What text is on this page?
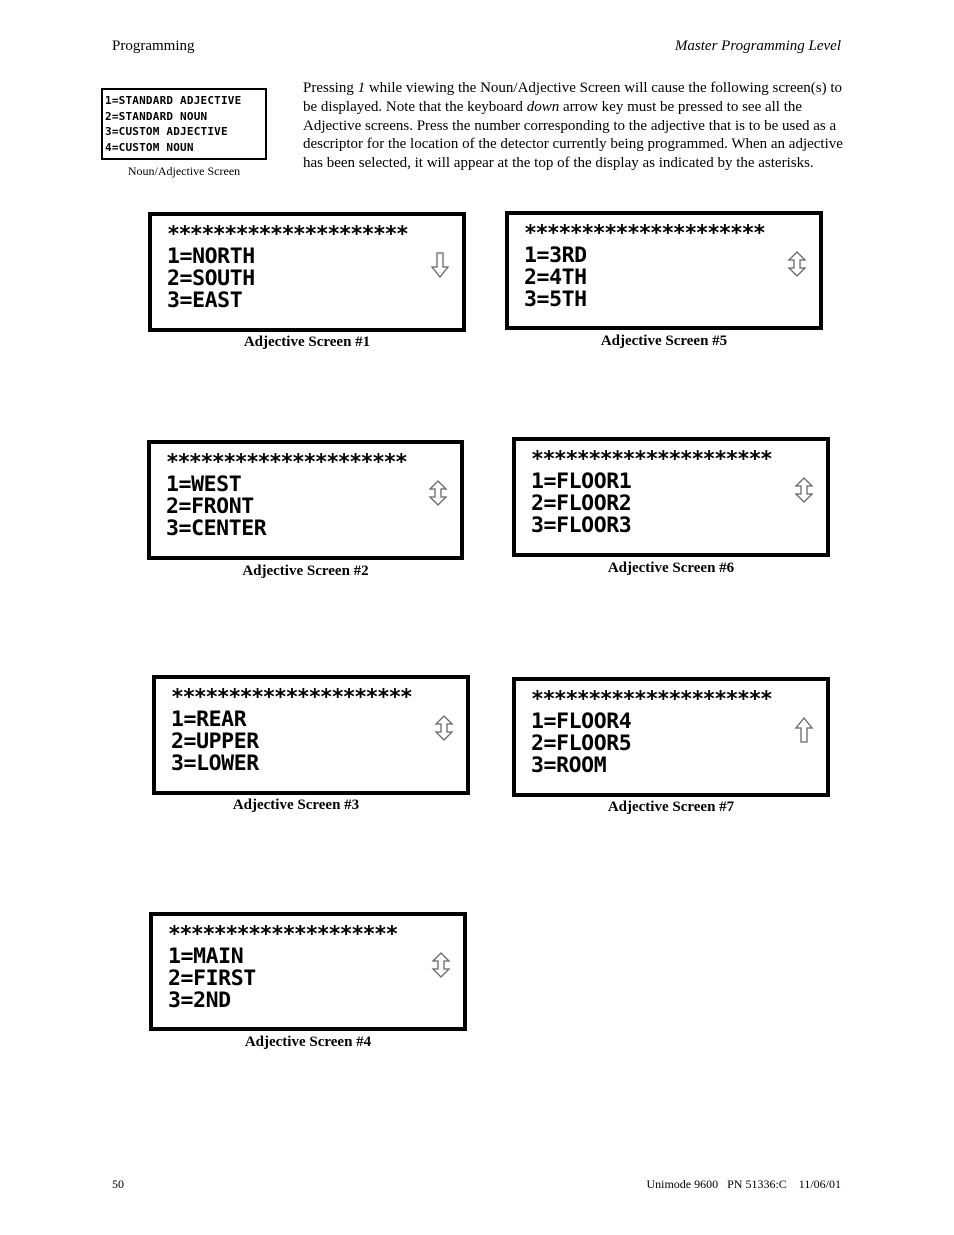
Programming	Master Programming Level
1=STANDARD ADJECTIVE
2=STANDARD NOUN
3=CUSTOM ADJECTIVE
4=CUSTOM NOUN
Noun/Adjective Screen
Pressing 1 while viewing the Noun/Adjective Screen will cause the following screen(s) to be displayed. Note that the keyboard down arrow key must be pressed to see all the Adjective screens. Press the number corresponding to the adjective that is to be used as a descriptor for the location of the detector currently being programmed. When an adjective has been selected, it will appear at the top of the display as indicated by the asterisks.
*********************
1=NORTH
2=SOUTH
3=EAST
Adjective Screen #1
*********************
1=WEST
2=FRONT
3=CENTER
Adjective Screen #2
*********************
1=REAR
2=UPPER
3=LOWER
Adjective Screen #3
********************
1=MAIN
2=FIRST
3=2ND
Adjective Screen #4
*********************
1=3RD
2=4TH
3=5TH
Adjective Screen #5
*********************
1=FLOOR1
2=FLOOR2
3=FLOOR3
Adjective Screen #6
*********************
1=FLOOR4
2=FLOOR5
3=ROOM
Adjective Screen #7
50	Unimode 9600   PN 51336:C    11/06/01
